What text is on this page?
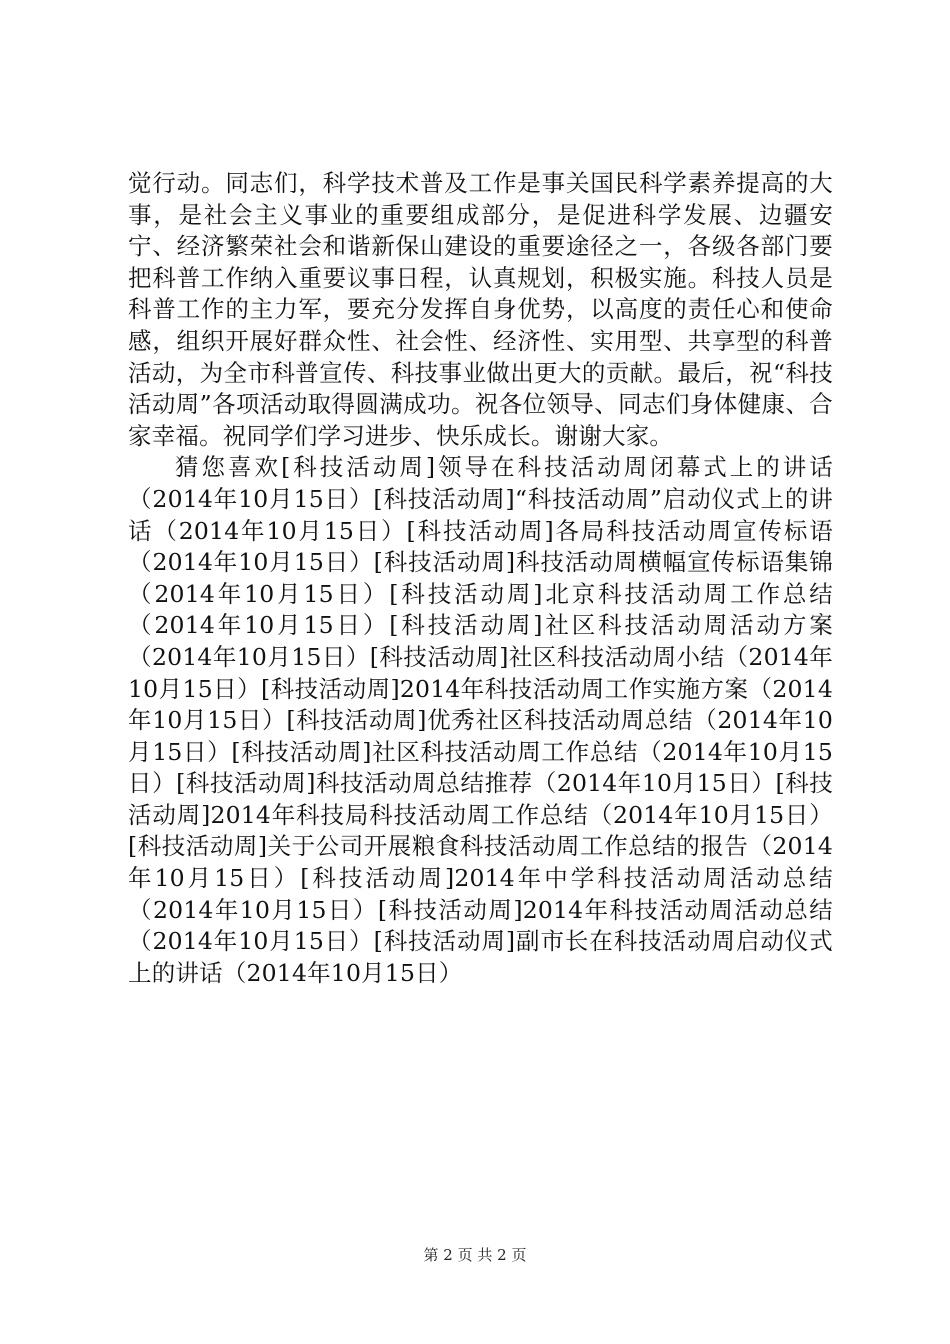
觉行动。同志们，科学技术普及工作是事关国民科学素养提高的大事，是社会主义事业的重要组成部分，是促进科学发展、边疆安宁、经济繁荣社会和谐新保山建设的重要途径之一，各级各部门要把科普工作纳入重要议事日程，认真规划，积极实施。科技人员是科普工作的主力军，要充分发挥自身优势，以高度的责任心和使命感，组织开展好群众性、社会性、经济性、实用型、共享型的科普活动，为全市科普宣传、科技事业做出更大的贡献。最后，祝“科技活动周”各项活动取得圆满成功。祝各位领导、同志们身体健康、合家幸福。祝同学们学习进步、快乐成长。谢谢大家。

猜您喜欢[科技活动周]领导在科技活动周闭幕式上的讲话（2014年10月15日）[科技活动周]“科技活动周”启动仪式上的讲话（2014年10月15日）[科技活动周]各局科技活动周宣传标语（2014年10月15日）[科技活动周]科技活动周横幅宣传标语集锦（2014年10月15日）[科技活动周]北京科技活动周工作总结（2014年10月15日）[科技活动周]社区科技活动周活动方案（2014年10月15日）[科技活动周]社区科技活动周小结（2014年10月15日）[科技活动周]2014年科技活动周工作实施方案（2014年10月15日）[科技活动周]优秀社区科技活动周总结（2014年10月15日）[科技活动周]社区科技活动周工作总结（2014年10月15日）[科技活动周]科技活动周总结推荐（2014年10月15日）[科技活动周]2014年科技局科技活动周工作总结（2014年10月15日）[科技活动周]关于公司开展粮食科技活动周工作总结的报告（2014年10月15日）[科技活动周]2014年中学科技活动周活动总结（2014年10月15日）[科技活动周]2014年科技活动周活动总结（2014年10月15日）[科技活动周]副市长在科技活动周启动仪式上的讲话（2014年10月15日）

第 2 页 共 2 页
